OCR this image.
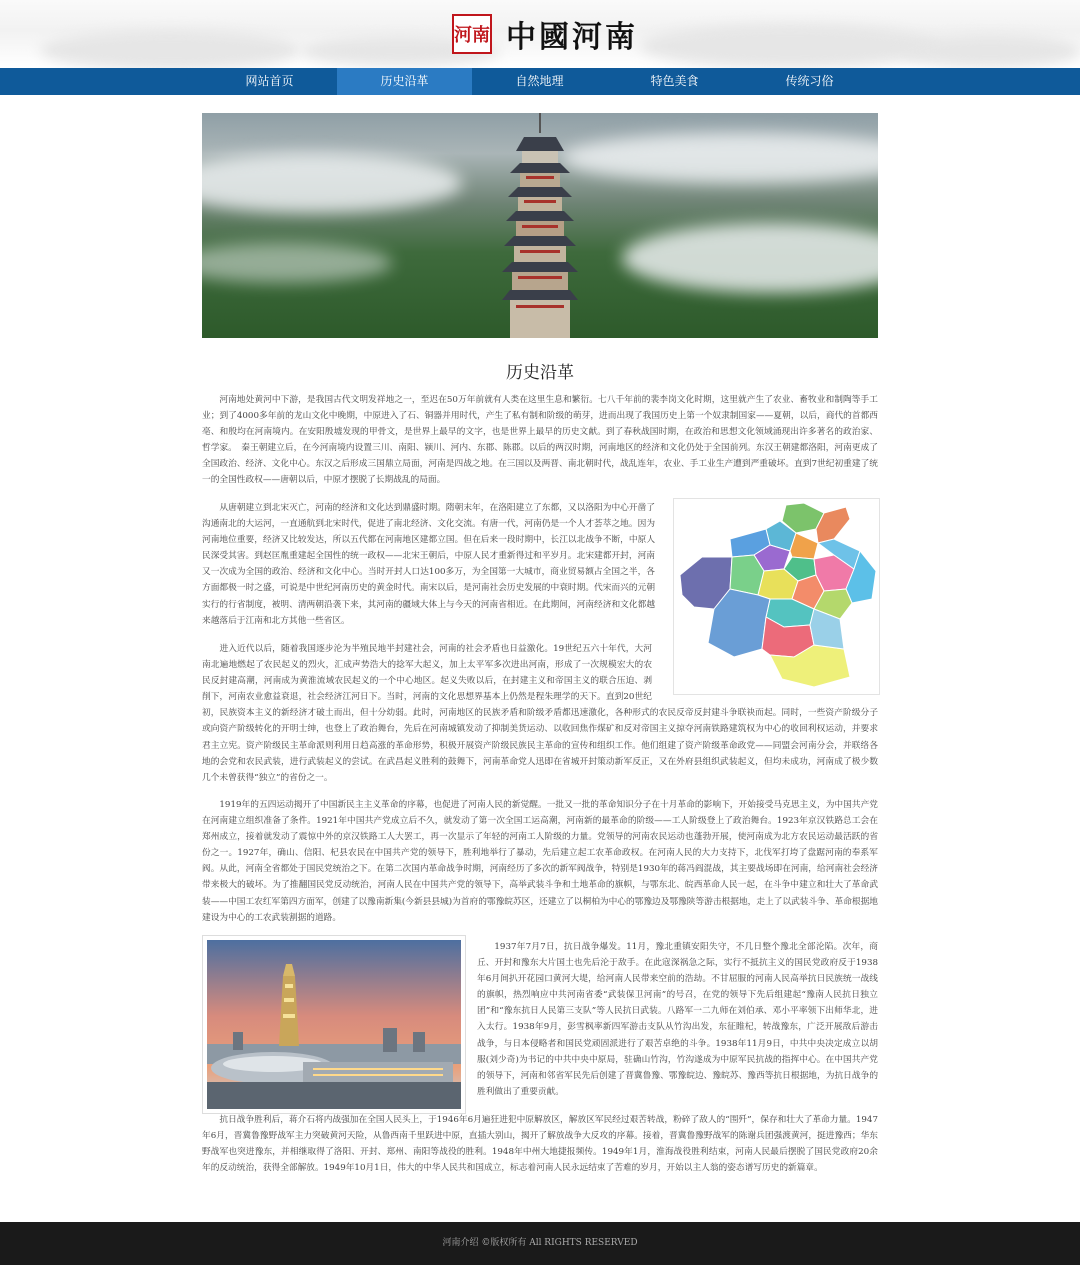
河南 中國河南
网站首页	历史沿革	自然地理	特色美食	传统习俗
历史沿革

河南地处黄河中下游，是我国古代文明发祥地之一，至迟在50万年前就有人类在这里生息和繁衍。七八千年前的裴李岗文化时期，这里就产生了农业、畜牧业和制陶等手工业；到了4000多年前的龙山文化中晚期，中原进入了石、铜器并用时代，产生了私有制和阶级的萌芽，进而出现了我国历史上第一个奴隶制国家——夏朝，以后，商代的首都西亳、和殷均在河南境内。在安阳殷墟发现的甲骨文，是世界上最早的文字，也是世界上最早的历史文献。到了春秋战国时期，在政治和思想文化领域涌现出许多著名的政治家、哲学家。　秦王朝建立后，在今河南境内设置三川、南阳、颍川、河内、东郡、陈郡。以后的两汉时期，河南地区的经济和文化仍处于全国前列。东汉王朝建都洛阳，河南更成了全国政治、经济、文化中心。东汉之后形成三国鼎立局面，河南是四战之地。在三国以及两晋、南北朝时代，战乱连年，农业、手工业生产遭到严重破坏。直到7世纪初重建了统一的全国性政权——唐朝以后，中原才摆脱了长期战乱的局面。

从唐朝建立到北宋灭亡，河南的经济和文化达到鼎盛时期。隋朝末年，在洛阳建立了东都，又以洛阳为中心开凿了沟通南北的大运河，一直通航到北宋时代，促进了南北经济、文化交流。有唐一代，河南仍是一个人才荟萃之地。因为河南地位重要，经济又比较发达，所以五代都在河南地区建都立国。但在后来一段时期中，长江以北战争不断，中原人民深受其害。到赵匡胤重建起全国性的统一政权——北宋王朝后，中原人民才重新得过和平岁月。北宋建都开封，河南又一次成为全国的政治、经济和文化中心。当时开封人口达100多万，为全国第一大城市，商业贸易额占全国之半，各方面都极一时之盛，可说是中世纪河南历史的黄金时代。南宋以后，是河南社会历史发展的中衰时期。代宋而兴的元朝实行的行省制度，被明、清两朝沿袭下来，其河南的疆域大体上与今天的河南省相近。在此期间，河南经济和文化都越来越落后于江南和北方其他一些省区。

进入近代以后，随着我国逐步沦为半殖民地半封建社会，河南的社会矛盾也日益激化。19世纪五六十年代，大河南北遍地燃起了农民起义的烈火，汇成声势浩大的捻军大起义，加上太平军多次进出河南，形成了一次规模宏大的农民反封建高潮，河南成为黄淮流域农民起义的一个中心地区。起义失败以后，在封建主义和帝国主义的联合压迫、剥削下，河南农业愈益衰退，社会经济江河日下。当时，河南的文化思想界基本上仍然是程朱理学的天下。直到20世纪初，民族资本主义的新经济才破土而出，但十分幼弱。此时，河南地区的民族矛盾和阶级矛盾都迅速激化，各种形式的农民反帝反封建斗争联袂而起。同时，一些资产阶级分子或向资产阶级转化的开明士绅，也登上了政治舞台，先后在河南城镇发动了抑制美货运动、以收回焦作煤矿和反对帝国主义掠夺河南铁路建筑权为中心的收回利权运动，并要求君主立宪。资产阶级民主革命派则利用日趋高涨的革命形势，积极开展资产阶级民族民主革命的宣传和组织工作。他们组建了资产阶级革命政党——同盟会河南分会，并联络各地的会党和农民武装，进行武装起义的尝试。在武昌起义胜利的鼓舞下，河南革命党人迅即在省城开封策动新军反正，又在外府县组织武装起义，但均未成功，河南成了极少数几个未曾获得“独立”的省份之一。

1919年的五四运动揭开了中国新民主主义革命的序幕，也促进了河南人民的新觉醒。一批又一批的革命知识分子在十月革命的影响下，开始接受马克思主义，为中国共产党在河南建立组织准备了条件。1921年中国共产党成立后不久，就发动了第一次全国工运高潮，河南新的最革命的阶级——工人阶级登上了政治舞台。1923年京汉铁路总工会在郑州成立，接着就发动了震惊中外的京汉铁路工人大罢工，再一次显示了年轻的河南工人阶级的力量。党领导的河南农民运动也蓬勃开展，使河南成为北方农民运动最活跃的省份之一。1927年，确山、信阳、杞县农民在中国共产党的领导下，胜利地举行了暴动，先后建立起工农革命政权。在河南人民的大力支持下，北伐军打垮了盘踞河南的奉系军阀。从此，河南全省都处于国民党统治之下。在第二次国内革命战争时期，河南经历了多次的新军阀战争，特别是1930年的蒋冯阎混战，其主要战场即在河南，给河南社会经济带来极大的破坏。为了推翻国民党反动统治，河南人民在中国共产党的领导下，高举武装斗争和土地革命的旗帜，与鄂东北、皖西革命人民一起，在斗争中建立和壮大了革命武装——中国工农红军第四方面军，创建了以豫南新集(今新县县城)为首府的鄂豫皖苏区，还建立了以桐柏为中心的鄂豫边及鄂豫陕等游击根据地，走上了以武装斗争、革命根据地建设为中心的工农武装割据的道路。

1937年7月7日，抗日战争爆发。11月，豫北重镇安阳失守，不几日整个豫北全部沦陷。次年，商丘、开封和豫东大片国土也先后沦于敌手。在此寇深祸急之际，实行不抵抗主义的国民党政府反于1938年6月间扒开花园口黄河大堤，给河南人民带来空前的浩劫。不甘屈服的河南人民高举抗日民族统一战线的旗帜，热烈响应中共河南省委“武装保卫河南”的号召，在党的领导下先后组建起“豫南人民抗日独立团”和“豫东抗日人民第三支队”等人民抗日武装。八路军一二九师在刘伯承、邓小平率领下出师华北，进入太行。1938年9月，彭雪枫率新四军游击支队从竹沟出发，东征睢杞，转战豫东，广泛开展敌后游击战争，与日本侵略者和国民党顽固派进行了艰苦卓绝的斗争。1938年11月9日，中共中央决定成立以胡服(刘少奇)为书记的中共中央中原局，驻确山竹沟，竹沟遂成为中原军民抗战的指挥中心。在中国共产党的领导下，河南和邻省军民先后创建了晋冀鲁豫、鄂豫皖边、豫皖苏、豫西等抗日根据地，为抗日战争的胜利做出了重要贡献。

抗日战争胜利后，蒋介石将内战强加在全国人民头上，于1946年6月遍狂进犯中原解放区，解放区军民经过艰苦转战，粉碎了敌人的“围歼”，保存和壮大了革命力量。1947年6月，晋冀鲁豫野战军主力突破黄河天险，从鲁西南千里跃进中原，直插大别山，揭开了解放战争大反攻的序幕。接着，晋冀鲁豫野战军的陈谢兵团强渡黄河，挺进豫西；华东野战军也突进豫东，并相继取得了洛阳、开封、郑州、南阳等战役的胜利。1948年中州大地捷报频传。1949年1月，淮海战役胜利结束，河南人民最后摆脱了国民党政府20余年的反动统治，获得全部解放。1949年10月1日，伟大的中华人民共和国成立，标志着河南人民永远结束了苦难的岁月，开始以主人翁的姿态谱写历史的新篇章。

河南介绍 ©版权所有 All RIGHTS RESERVED
